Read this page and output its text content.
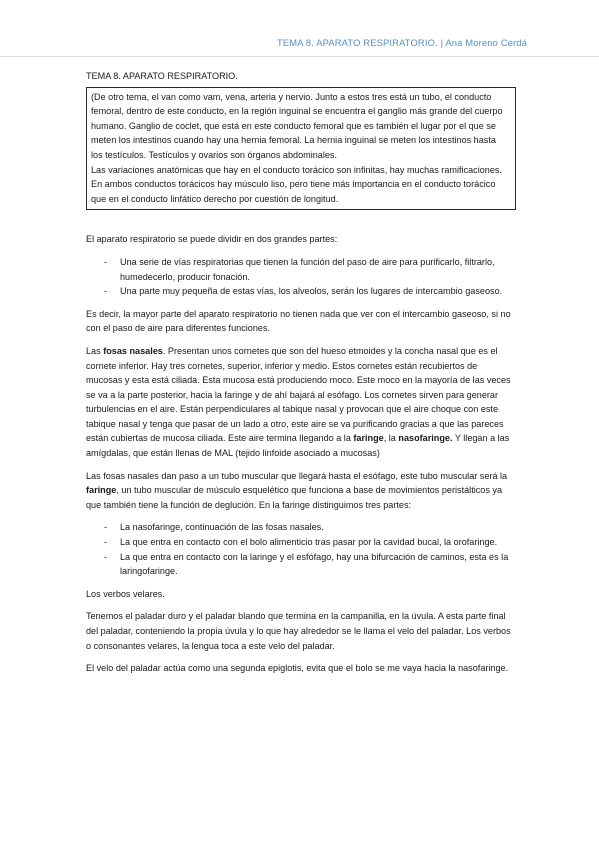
TEMA 8. APARATO RESPIRATORIO. | Ana Moreno Cerdá

TEMA 8. APARATO RESPIRATORIO.

(De otro tema, el van como vam, vena, arteria y nervio. Junto a estos tres está un tubo, el conducto femoral, dentro de este conducto, en la región inguinal se encuentra el ganglio más grande del cuerpo humano. Ganglio de coclet, que está en este conducto femoral que es también el lugar por el que se meten los intestinos cuando hay una hernia femoral. La hernia inguinal se meten los intestinos hasta los testículos. Testículos y ovarios son órganos abdominales.

Las variaciones anatómicas que hay en el conducto torácico son infinitas, hay muchas ramificaciones. En ambos conductos torácicos hay músculo liso, pero tiene más importancia en el conducto torácico que en el conducto linfático derecho por cuestión de longitud.

El aparato respiratorio se puede dividir en dos grandes partes:

- Una serie de vías respiratorias que tienen la función del paso de aire para purificarlo, filtrarlo, humedecerlo, producir fonación.
- Una parte muy pequeña de estas vías, los alveolos, serán los lugares de intercambio gaseoso.

Es decir, la mayor parte del aparato respiratorio no tienen nada que ver con el intercambio gaseoso, si no con el paso de aire para diferentes funciones.

Las fosas nasales. Presentan unos cornetes que son del hueso etmoides y la concha nasal que es el cornete inferior. Hay tres cornetes, superior, inferior y medio. Estos cornetes están recubiertos de mucosas y esta está ciliada. Esta mucosa está produciendo moco. Este moco en la mayoría de las veces se va a la parte posterior, hacia la faringe y de ahí bajará al esófago. Los cornetes sirven para generar turbulencias en el aire. Están perpendiculares al tabique nasal y provocan que el aire choque con este tabique nasal y tenga que pasar de un lado a otro, este aire se va purificando gracias a que las pareces están cubiertas de mucosa ciliada. Este aire termina llegando a la faringe, la nasofaringe. Y llegan a las amígdalas, que están llenas de MAL (tejido linfoide asociado a mucosas)

Las fosas nasales dan paso a un tubo muscular que llegará hasta el esófago, este tubo muscular será la faringe, un tubo muscular de músculo esquelético que funciona a base de movimientos peristálticos ya que también tiene la función de deglución. En la faringe distinguimos tres partes:

- La nasofaringe, continuación de las fosas nasales.
- La que entra en contacto con el bolo alimenticio tras pasar por la cavidad bucal, la orofaringe.
- La que entra en contacto con la laringe y el esfófago, hay una bifurcación de caminos, esta es la laringofaringe.

Los verbos velares.

Tenemos el paladar duro y el paladar blando que termina en la campanilla, en la úvula. A esta parte final del paladar, conteniendo la propia úvula y lo que hay alrededor se le llama el velo del paladar. Los verbos o consonantes velares, la lengua toca a este velo del paladar.

El velo del paladar actúa como una segunda epiglotis, evita que el bolo se me vaya hacia la nasofaringe.
